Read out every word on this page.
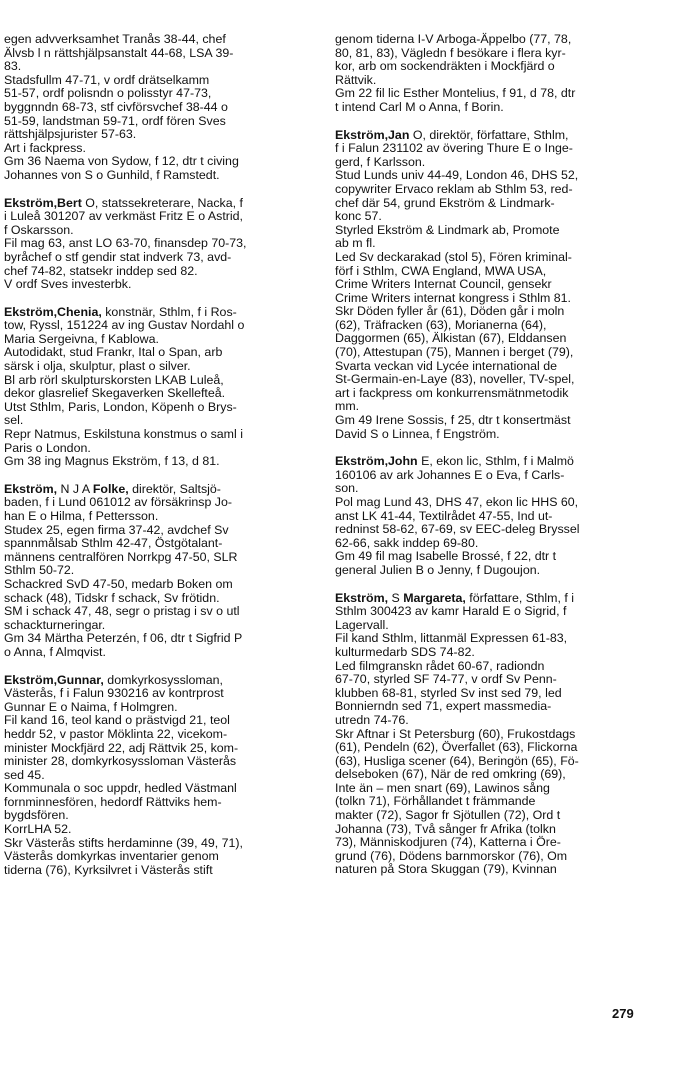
egen advverksamhet Tranås 38-44, chef
Älvsb l n rättshjälpsanstalt 44-68, LSA 39-
83.

Stadsfullm 47-71, v ordf drätselkamm
51-57, ordf polisndn o polisstyr 47-73,
byggnndn 68-73, stf civförsvchef 38-44 o
51-59, landstman 59-71, ordf fören Sves
rättshjälpsjurister 57-63.

Art i fackpress.

Gm 36 Naema von Sydow, f 12, dtr t civing
Johannes von S o Gunhild, f Ramstedt.

Ekström,Bert O, statssekreterare, Nacka, f
i Luleå 301207 av verkmäst Fritz E o Astrid,
f Oskarsson.

Fil mag 63, anst LO 63-70, finansdep 70-73,
byråchef o stf gendir stat indverk 73, avd-
chef 74-82, statsekr inddep sed 82.

V ordf Sves investerbk.

Ekström,Chenia, konstnär, Sthlm, f i Ros-
tow, Ryssl, 151224 av ing Gustav Nordahl o
Maria Sergeivna, f Kablowa.

Autodidakt, stud Frankr, Ital o Span, arb
särsk i olja, skulptur, plast o silver.

Bl arb rörl skulpturskorsten LKAB Luleå,
dekor glasrelief Skegaverken Skellefteå.

Utst Sthlm, Paris, London, Köpenh o Brys-
sel.

Repr Natmus, Eskilstuna konstmus o saml i
Paris o London.

Gm 38 ing Magnus Ekström, f 13, d 81.

Ekström, N J A Folke, direktör, Saltsjö-
baden, f i Lund 061012 av försäkrinsp Jo-
han E o Hilma, f Pettersson.

Studex 25, egen firma 37-42, avdchef Sv
spannmålsab Sthlm 42-47, Östgötalant-
männens centralfören Norrkpg 47-50, SLR
Sthlm 50-72.

Schackred SvD 47-50, medarb Boken om
schack (48), Tidskr f schack, Sv frötidn.

SM i schack 47, 48, segr o pristag i sv o utl
schackturneringar.

Gm 34 Märtha Peterzén, f 06, dtr t Sigfrid P
o Anna, f Almqvist.

Ekström,Gunnar, domkyrkosyssloman,
Västerås, f i Falun 930216 av kontrprost
Gunnar E o Naima, f Holmgren.

Fil kand 16, teol kand o prästvigd 21, teol
heddr 52, v pastor Möklinta 22, vicekom-
minister Mockfjärd 22, adj Rättvik 25, kom-
minister 28, domkyrkosyssloman Västerås
sed 45.

Kommunala o soc uppdr, hedled Västmanl
fornminnesfören, hedordf Rättviks hem-
bygdsfören.

KorrLHA 52.

Skr Västerås stifts herdaminne (39, 49, 71),
Västerås domkyrkas inventarier genom
tiderna (76), Kyrksilvret i Västerås stift

genom tiderna I-V Arboga-Äppelbo (77, 78,
80, 81, 83), Vägledn f besökare i flera kyr-
kor, arb om sockendräkten i Mockfjärd o
Rättvik.

Gm 22 fil lic Esther Montelius, f 91, d 78, dtr
t intend Carl M o Anna, f Borin.

Ekström,Jan O, direktör, författare, Sthlm,
f i Falun 231102 av övering Thure E o Inge-
gerd, f Karlsson.

Stud Lunds univ 44-49, London 46, DHS 52,
copywriter Ervaco reklam ab Sthlm 53, red-
chef där 54, grund Ekström & Lindmark-
konc 57.

Styrled Ekström & Lindmark ab, Promote
ab m fl.

Led Sv deckarakad (stol 5), Fören kriminal-
förf i Sthlm, CWA England, MWA USA,
Crime Writers Internat Council, gensekr
Crime Writers internat kongress i Sthlm 81.

Skr Döden fyller år (61), Döden går i moln
(62), Träfracken (63), Morianerna (64),
Daggormen (65), Älkistan (67), Elddansen
(70), Attestupan (75), Mannen i berget (79),
Svarta veckan vid Lycée international de
St-Germain-en-Laye (83), noveller, TV-spel,
art i fackpress om konkurrensmätnmetodik
mm.

Gm 49 Irene Sossis, f 25, dtr t konsertmäst
David S o Linnea, f Engström.

Ekström,John E, ekon lic, Sthlm, f i Malmö
160106 av ark Johannes E o Eva, f Carls-
son.

Pol mag Lund 43, DHS 47, ekon lic HHS 60,
anst LK 41-44, Textilrådet 47-55, Ind ut-
redninst 58-62, 67-69, sv EEC-deleg Bryssel
62-66, sakk inddep 69-80.

Gm 49 fil mag Isabelle Brossé, f 22, dtr t
general Julien B o Jenny, f Dugoujon.

Ekström, S Margareta, författare, Sthlm, f i
Sthlm 300423 av kamr Harald E o Sigrid, f
Lagervall.

Fil kand Sthlm, littanmäl Expressen 61-83,
kulturmedarb SDS 74-82.

Led filmgranskn rådet 60-67, radiondn
67-70, styrled SF 74-77, v ordf Sv Penn-
klubben 68-81, styrled Sv inst sed 79, led
Bonnierndn sed 71, expert massmedia-
utredn 74-76.

Skr Aftnar i St Petersburg (60), Frukostdags
(61), Pendeln (62), Överfallet (63), Flickorna
(63), Husliga scener (64), Beringön (65), Fö-
delseboken (67), När de red omkring (69),
Inte än – men snart (69), Lawinos sång
(tolkn 71), Förhållandet t främmande
makter (72), Sagor fr Sjötullen (72), Ord t
Johanna (73), Två sånger fr Afrika (tolkn
73), Människodjuren (74), Katterna i Öre-
grund (76), Dödens barnmorskor (76), Om
naturen på Stora Skuggan (79), Kvinnan

279
